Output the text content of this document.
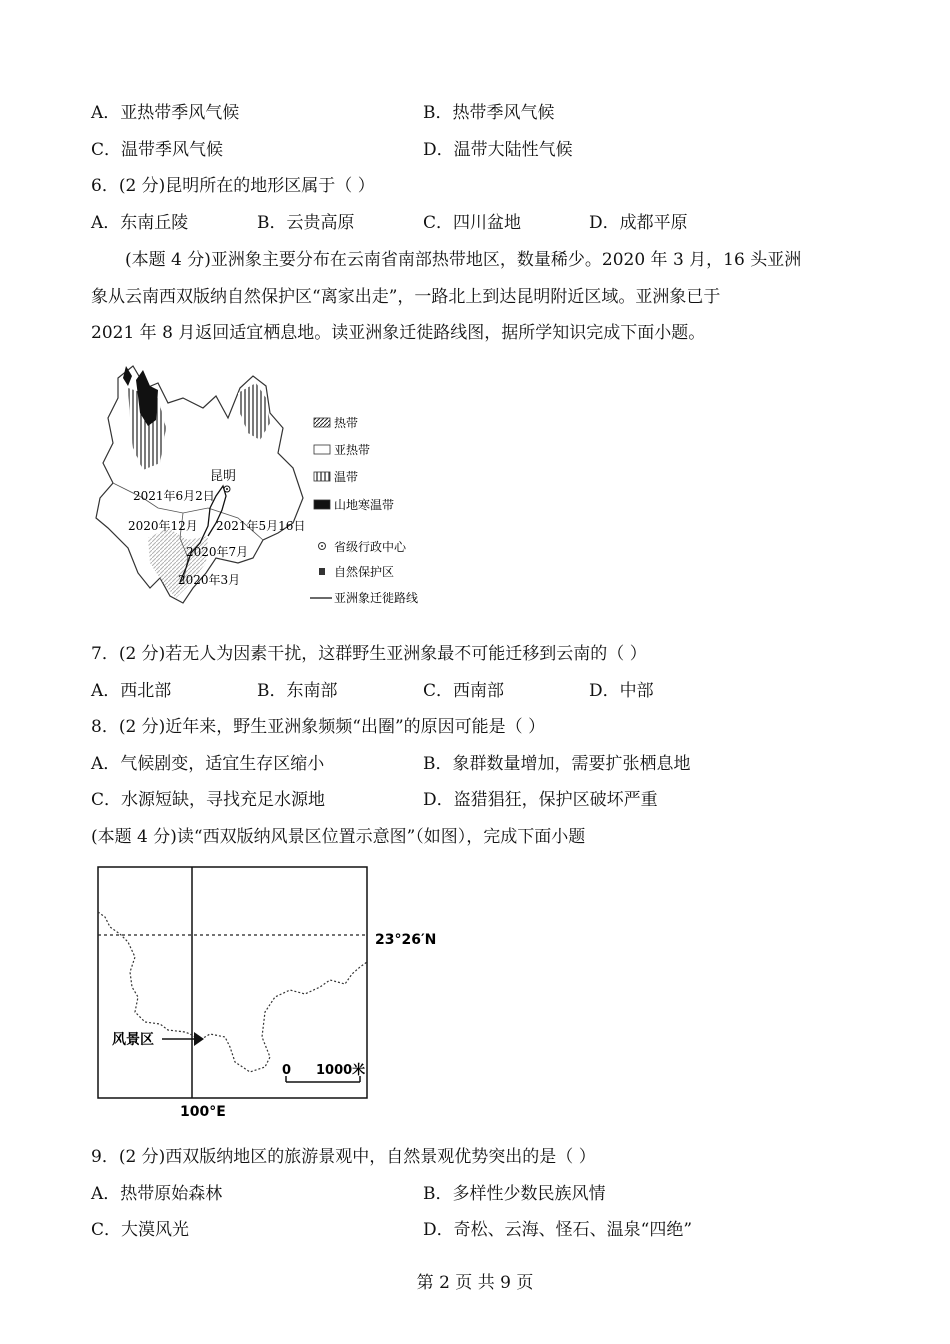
A．亚热带季风气候	B．热带季风气候
C．温带季风气候	D．温带大陆性气候
6．(2 分)昆明所在的地形区属于（ ）
A．东南丘陵	B．云贵高原	C．四川盆地	D．成都平原
(本题 4 分)亚洲象主要分布在云南省南部热带地区，数量稀少。2020 年 3 月，16 头亚洲
象从云南西双版纳自然保护区“离家出走”，一路北上到达昆明附近区域。亚洲象已于
2021 年 8 月返回适宜栖息地。读亚洲象迁徙路线图，据所学知识完成下面小题。
昆明
2021年6月2日
2020年12月 2021年5月16日
2020年7月
2020年3月
热带
亚热带
温带
山地寒温带
省级行政中心
自然保护区
亚洲象迁徙路线
7．(2 分)若无人为因素干扰，这群野生亚洲象最不可能迁移到云南的（ ）
A．西北部	B．东南部	C．西南部	D．中部
8．(2 分)近年来，野生亚洲象频频“出圈”的原因可能是（ ）
A．气候剧变，适宜生存区缩小	B．象群数量增加，需要扩张栖息地
C．水源短缺，寻找充足水源地	D．盗猎猖狂，保护区破坏严重
(本题 4 分)读“西双版纳风景区位置示意图”（如图），完成下面小题
23°26′N
100°E
风景区
0 1000米
9．(2 分)西双版纳地区的旅游景观中，自然景观优势突出的是（ ）
A．热带原始森林	B．多样性少数民族风情
C．大漠风光	D．奇松、云海、怪石、温泉“四绝”
第 2 页 共 9 页
